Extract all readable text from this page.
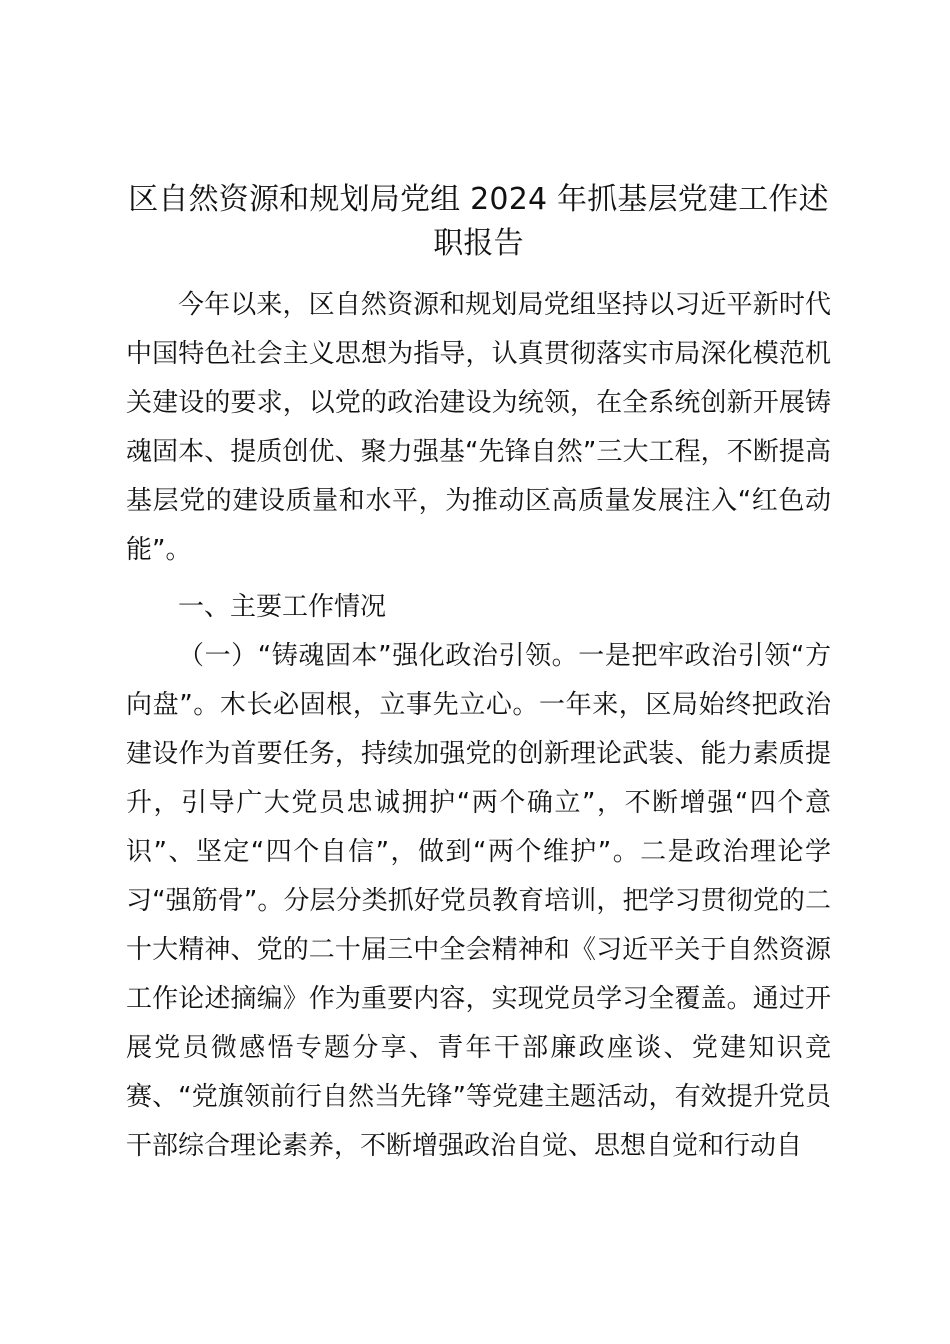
区自然资源和规划局党组 2024 年抓基层党建工作述职报告

今年以来，区自然资源和规划局党组坚持以习近平新时代中国特色社会主义思想为指导，认真贯彻落实市局深化模范机关建设的要求，以党的政治建设为统领，在全系统创新开展铸魂固本、提质创优、聚力强基“先锋自然”三大工程，不断提高基层党的建设质量和水平，为推动区高质量发展注入“红色动能”。

一、主要工作情况

（一）“铸魂固本”强化政治引领。一是把牢政治引领“方向盘”。木长必固根，立事先立心。一年来，区局始终把政治建设作为首要任务，持续加强党的创新理论武装、能力素质提升，引导广大党员忠诚拥护“两个确立”，不断增强“四个意识”、坚定“四个自信”，做到“两个维护”。二是政治理论学习“强筋骨”。分层分类抓好党员教育培训，把学习贯彻党的二十大精神、党的二十届三中全会精神和《习近平关于自然资源工作论述摘编》作为重要内容，实现党员学习全覆盖。通过开展党员微感悟专题分享、青年干部廉政座谈、党建知识竞赛、“党旗领前行自然当先锋”等党建主题活动，有效提升党员干部综合理论素养，不断增强政治自觉、思想自觉和行动自
